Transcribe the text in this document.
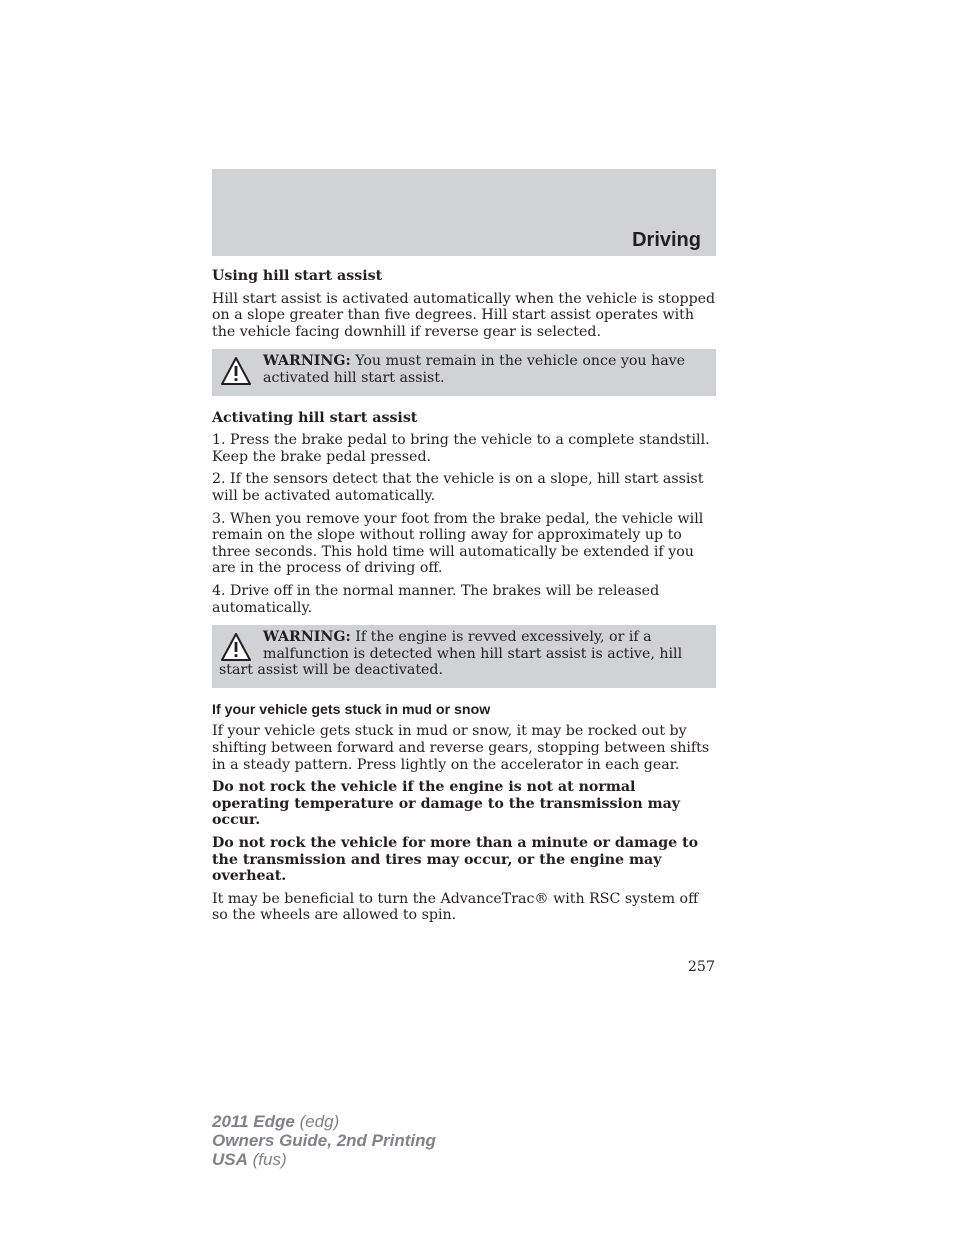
Driving

Using hill start assist

Hill start assist is activated automatically when the vehicle is stopped on a slope greater than five degrees. Hill start assist operates with the vehicle facing downhill if reverse gear is selected.

WARNING: You must remain in the vehicle once you have activated hill start assist.

Activating hill start assist

1. Press the brake pedal to bring the vehicle to a complete standstill. Keep the brake pedal pressed.

2. If the sensors detect that the vehicle is on a slope, hill start assist will be activated automatically.

3. When you remove your foot from the brake pedal, the vehicle will remain on the slope without rolling away for approximately up to three seconds. This hold time will automatically be extended if you are in the process of driving off.

4. Drive off in the normal manner. The brakes will be released automatically.

WARNING: If the engine is revved excessively, or if a malfunction is detected when hill start assist is active, hill start assist will be deactivated.

If your vehicle gets stuck in mud or snow

If your vehicle gets stuck in mud or snow, it may be rocked out by shifting between forward and reverse gears, stopping between shifts in a steady pattern. Press lightly on the accelerator in each gear.

Do not rock the vehicle if the engine is not at normal operating temperature or damage to the transmission may occur.

Do not rock the vehicle for more than a minute or damage to the transmission and tires may occur, or the engine may overheat.

It may be beneficial to turn the AdvanceTrac® with RSC system off so the wheels are allowed to spin.

257
2011 Edge (edg)
Owners Guide, 2nd Printing
USA (fus)
